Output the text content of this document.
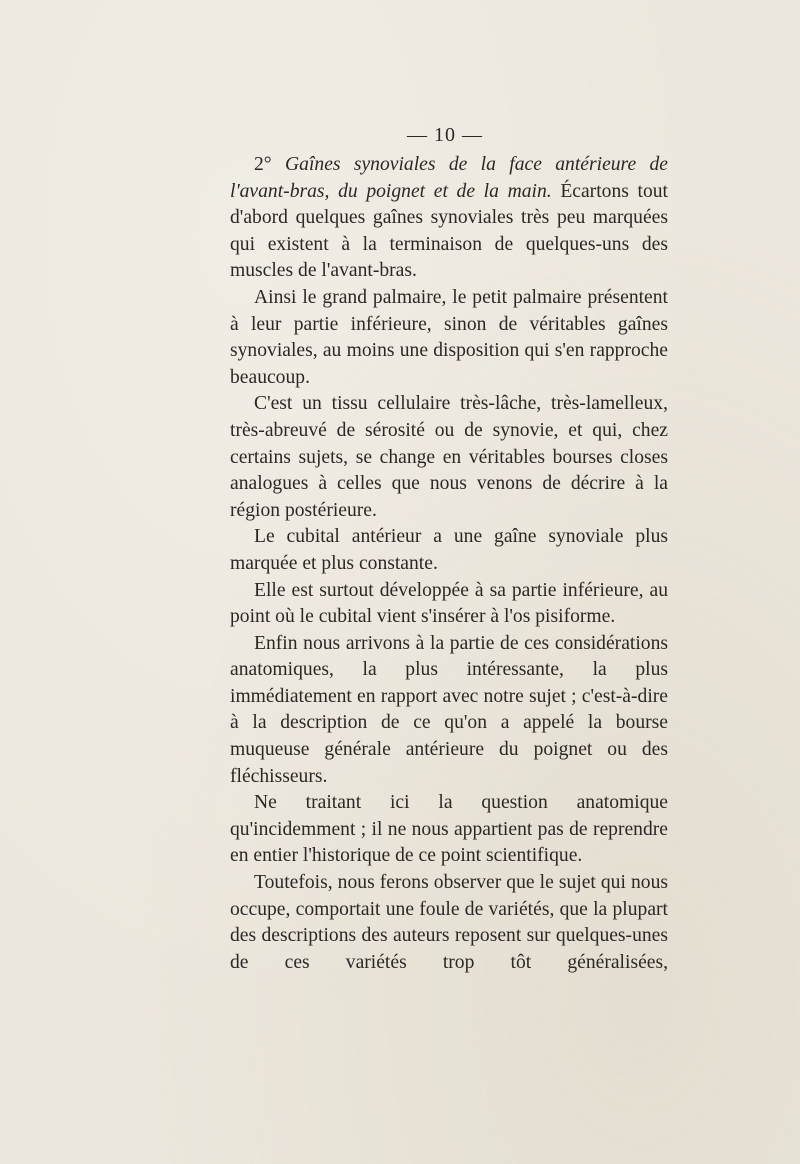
— 10 —

2° Gaînes synoviales de la face antérieure de l'avant-bras, du poignet et de la main. Écartons tout d'abord quelques gaînes synoviales très peu marquées qui existent à la terminaison de quelques-uns des muscles de l'avant-bras.

Ainsi le grand palmaire, le petit palmaire présentent à leur partie inférieure, sinon de véritables gaînes synoviales, au moins une disposition qui s'en rapproche beaucoup.

C'est un tissu cellulaire très-lâche, très-lamelleux, très-abreuvé de sérosité ou de synovie, et qui, chez certains sujets, se change en véritables bourses closes analogues à celles que nous venons de décrire à la région postérieure.

Le cubital antérieur a une gaîne synoviale plus marquée et plus constante.

Elle est surtout développée à sa partie inférieure, au point où le cubital vient s'insérer à l'os pisiforme.

Enfin nous arrivons à la partie de ces considérations anatomiques, la plus intéressante, la plus immédiatement en rapport avec notre sujet ; c'est-à-dire à la description de ce qu'on a appelé la bourse muqueuse générale antérieure du poignet ou des fléchisseurs.

Ne traitant ici la question anatomique qu'incidemment ; il ne nous appartient pas de reprendre en entier l'historique de ce point scientifique.

Toutefois, nous ferons observer que le sujet qui nous occupe, comportait une foule de variétés, que la plupart des descriptions des auteurs reposent sur quelques-unes de ces variétés trop tôt généralisées,
